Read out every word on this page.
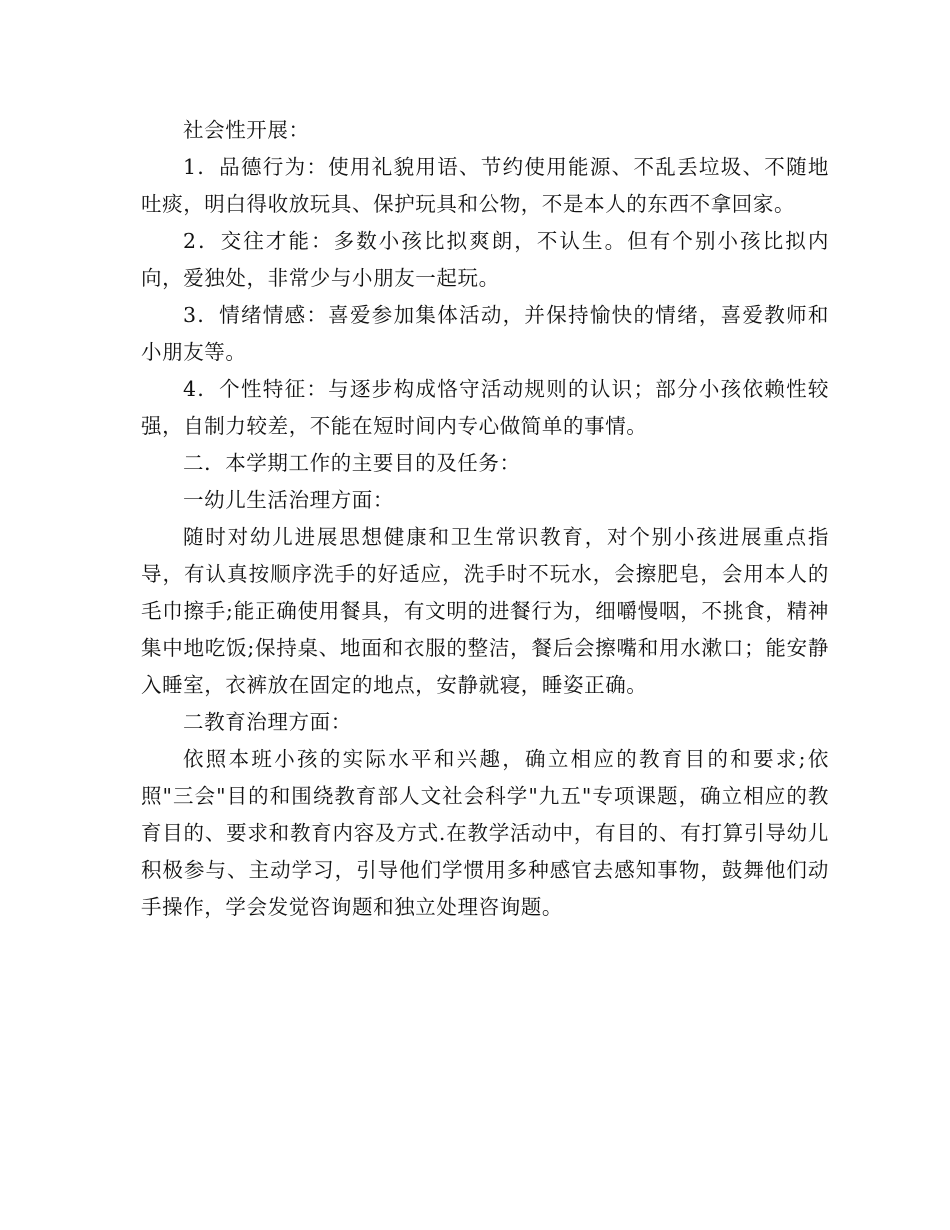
社会性开展：

1．品德行为：使用礼貌用语、节约使用能源、不乱丢垃圾、不随地吐痰，明白得收放玩具、保护玩具和公物，不是本人的东西不拿回家。

2．交往才能：多数小孩比拟爽朗，不认生。但有个别小孩比拟内向，爱独处，非常少与小朋友一起玩。

3．情绪情感：喜爱参加集体活动，并保持愉快的情绪，喜爱教师和小朋友等。

4．个性特征：与逐步构成恪守活动规则的认识；部分小孩依赖性较强，自制力较差，不能在短时间内专心做简单的事情。

二．本学期工作的主要目的及任务：

一幼儿生活治理方面：

随时对幼儿进展思想健康和卫生常识教育，对个别小孩进展重点指导，有认真按顺序洗手的好适应，洗手时不玩水，会擦肥皂，会用本人的毛巾擦手;能正确使用餐具，有文明的进餐行为，细嚼慢咽，不挑食，精神集中地吃饭;保持桌、地面和衣服的整洁，餐后会擦嘴和用水漱口；能安静入睡室，衣裤放在固定的地点，安静就寝，睡姿正确。

二教育治理方面：

依照本班小孩的实际水平和兴趣，确立相应的教育目的和要求;依照"三会"目的和围绕教育部人文社会科学"九五"专项课题，确立相应的教育目的、要求和教育内容及方式.在教学活动中，有目的、有打算引导幼儿积极参与、主动学习，引导他们学惯用多种感官去感知事物，鼓舞他们动手操作，学会发觉咨询题和独立处理咨询题。
